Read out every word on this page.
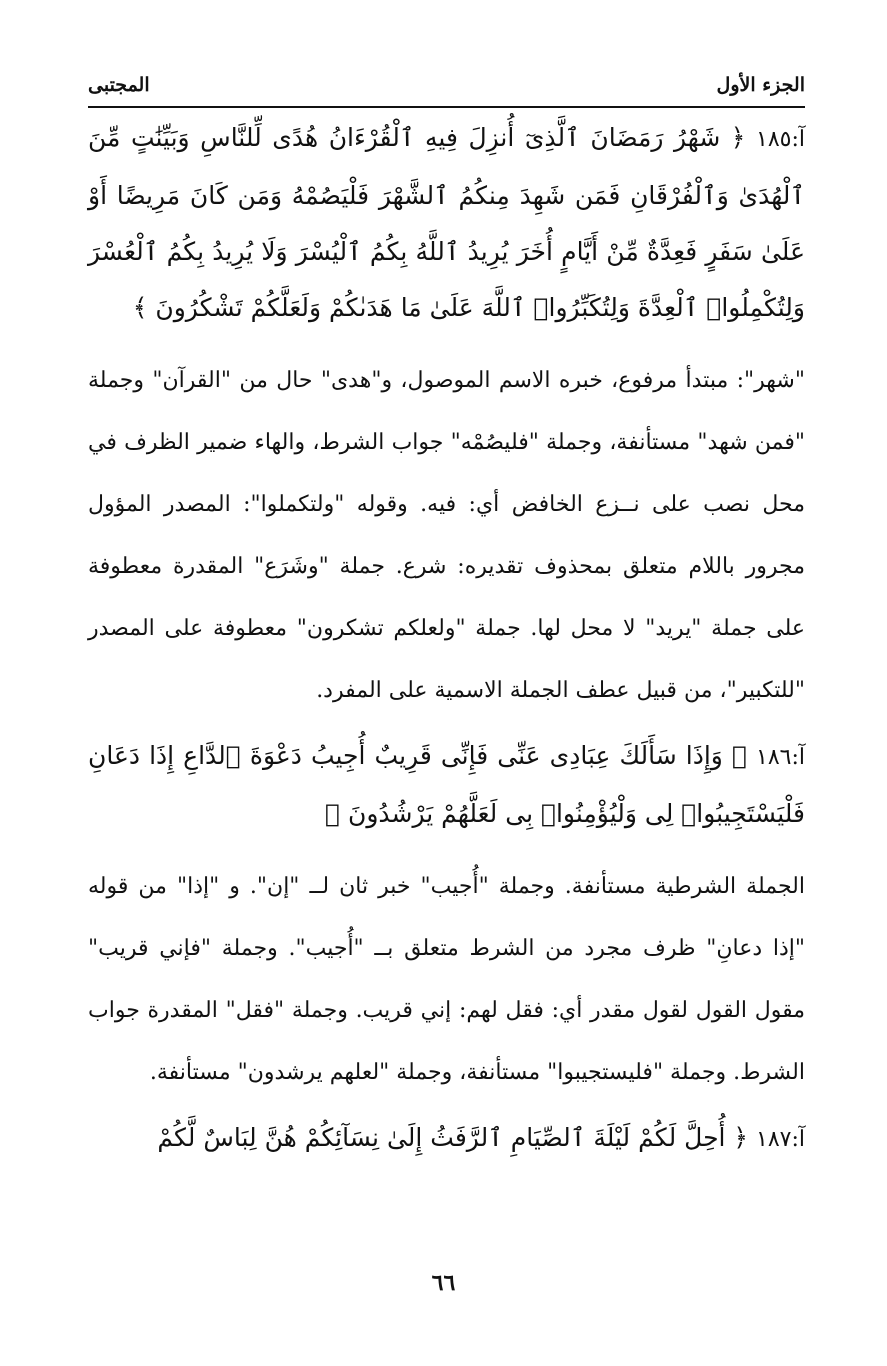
الجزء الأول
المجتبى

آ:١٨٥ ﴿ شَهْرُ رَمَضَانَ ٱلَّذِىٓ أُنزِلَ فِيهِ ٱلْقُرْءَانُ هُدًى لِّلنَّاسِ وَبَيِّنَٰتٍ مِّنَ ٱلْهُدَىٰ وَٱلْفُرْقَانِ فَمَن شَهِدَ مِنكُمُ ٱلشَّهْرَ فَلْيَصُمْهُ وَمَن كَانَ مَرِيضًا أَوْ عَلَىٰ سَفَرٍ فَعِدَّةٌ مِّنْ أَيَّامٍ أُخَرَ يُرِيدُ ٱللَّهُ بِكُمُ ٱلْيُسْرَ وَلَا يُرِيدُ بِكُمُ ٱلْعُسْرَ وَلِتُكْمِلُوا۟ ٱلْعِدَّةَ وَلِتُكَبِّرُوا۟ ٱللَّهَ عَلَىٰ مَا هَدَىٰكُمْ وَلَعَلَّكُمْ تَشْكُرُونَ ﴾

"شهر": مبتدأ مرفوع، خبره الاسم الموصول، و"هدى" حال من "القرآن" وجملة "فمن شهد" مستأنفة، وجملة "فليصُمْه" جواب الشرط، والهاء ضمير الظرف في محل نصب على نــزع الخافض أي: فيه. وقوله "ولتكملوا": المصدر المؤول مجرور باللام متعلق بمحذوف تقديره: شرع. جملة "وشَرَع" المقدرة معطوفة على جملة "يريد" لا محل لها. جملة "ولعلكم تشكرون" معطوفة على المصدر "للتكبير"، من قبيل عطف الجملة الاسمية على المفرد.

آ:١٨٦ ﴿ وَإِذَا سَأَلَكَ عِبَادِى عَنِّى فَإِنِّى قَرِيبٌ أُجِيبُ دَعْوَةَ ٱلدَّاعِ إِذَا دَعَانِ فَلْيَسْتَجِيبُوا۟ لِى وَلْيُؤْمِنُوا۟ بِى لَعَلَّهُمْ يَرْشُدُونَ ﴾

الجملة الشرطية مستأنفة. وجملة "أُجيب" خبر ثان لــ "إن". و "إذا" من قوله "إذا دعانِ" ظرف مجرد من الشرط متعلق بــ "أُجيب". وجملة "فإني قريب" مقول القول لقول مقدر أي: فقل لهم: إني قريب. وجملة "فقل" المقدرة جواب الشرط. وجملة "فليستجيبوا" مستأنفة، وجملة "لعلهم يرشدون" مستأنفة.

آ:١٨٧ ﴿ أُحِلَّ لَكُمْ لَيْلَةَ ٱلصِّيَامِ ٱلرَّفَثُ إِلَىٰ نِسَآئِكُمْ هُنَّ لِبَاسٌ لَّكُمْ

٦٦
